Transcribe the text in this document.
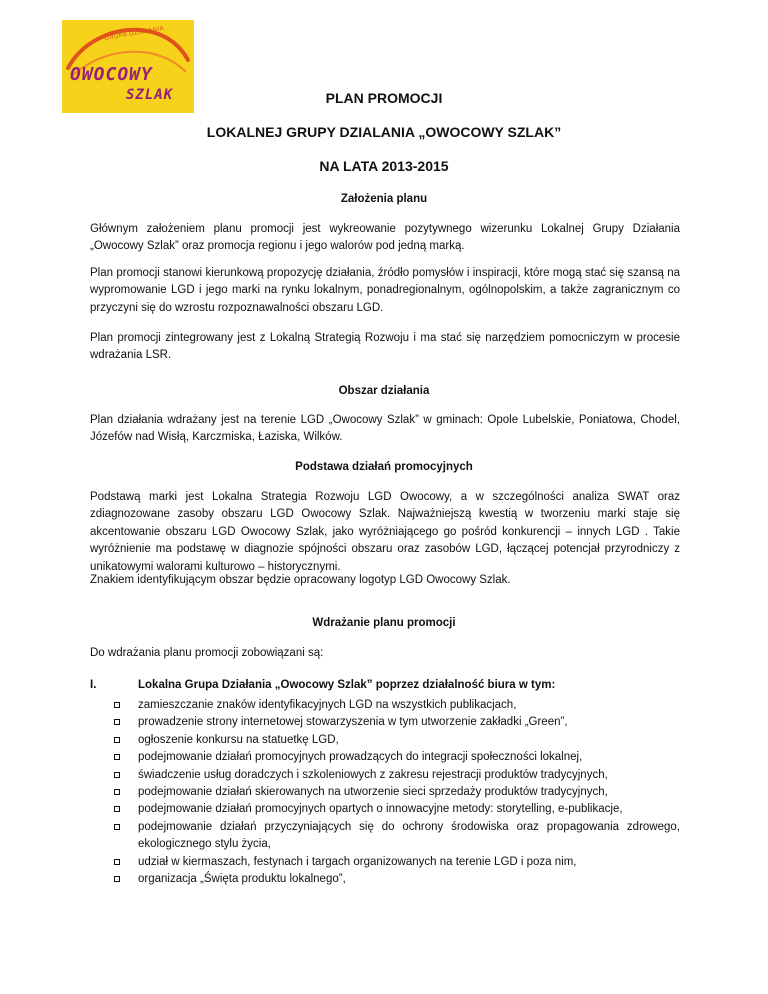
GRUPA DZIAŁANIA
OWOCOWY
SZLAK	PLAN PROMOCJI
LOKALNEJ GRUPY DZIALANIA „OWOCOWY SZLAK”
NA LATA 2013-2015
Założenia planu
Głównym założeniem planu promocji jest wykreowanie pozytywnego wizerunku Lokalnej Grupy Działania „Owocowy Szlak” oraz promocja regionu i jego walorów pod jedną marką.
Plan promocji stanowi kierunkową propozycję działania, źródło pomysłów i inspiracji, które mogą stać się szansą na wypromowanie LGD i jego marki na rynku lokalnym, ponadregionalnym, ogólnopolskim, a także zagranicznym co przyczyni się do wzrostu rozpoznawalności obszaru LGD.
Plan promocji zintegrowany jest z Lokalną Strategią Rozwoju i ma stać się narzędziem pomocniczym w procesie wdrażania LSR.
Obszar działania
Plan działania wdrażany jest na terenie LGD „Owocowy Szlak” w gminach: Opole Lubelskie, Poniatowa, Chodel, Józefów nad Wisłą, Karczmiska, Łaziska, Wilków.
Podstawa działań promocyjnych
Podstawą marki jest Lokalna Strategia Rozwoju LGD Owocowy, a w szczególności analiza SWAT oraz zdiagnozowane zasoby obszaru LGD Owocowy Szlak. Najważniejszą kwestią w tworzeniu marki staje się akcentowanie obszaru LGD Owocowy Szlak, jako wyróżniającego go pośród konkurencji – innych LGD . Takie wyróżnienie ma podstawę w diagnozie spójności obszaru oraz zasobów LGD, łączącej potencjał przyrodniczy z unikatowymi walorami kulturowo – historycznymi.
Znakiem identyfikującym obszar będzie opracowany logotyp LGD Owocowy Szlak.
Wdrażanie planu promocji
Do wdrażania planu promocji zobowiązani są:
I.	Lokalna Grupa Działania „Owocowy Szlak” poprzez działalność biura w tym:
zamieszczanie znaków identyfikacyjnych LGD na wszystkich publikacjach,
prowadzenie strony internetowej stowarzyszenia w tym utworzenie zakładki „Green”,
ogłoszenie konkursu na statuetkę LGD,
podejmowanie działań promocyjnych prowadzących do integracji społeczności lokalnej,
świadczenie usług doradczych i szkoleniowych z zakresu rejestracji produktów tradycyjnych,
podejmowanie działań skierowanych na utworzenie sieci sprzedaży produktów tradycyjnych,
podejmowanie działań promocyjnych opartych o innowacyjne metody: storytelling, e-publikacje,
podejmowanie działań przyczyniających się do ochrony środowiska oraz propagowania zdrowego, ekologicznego stylu życia,
udział w kiermaszach, festynach i targach organizowanych na terenie LGD i poza nim,
organizacja „Święta produktu lokalnego”,
